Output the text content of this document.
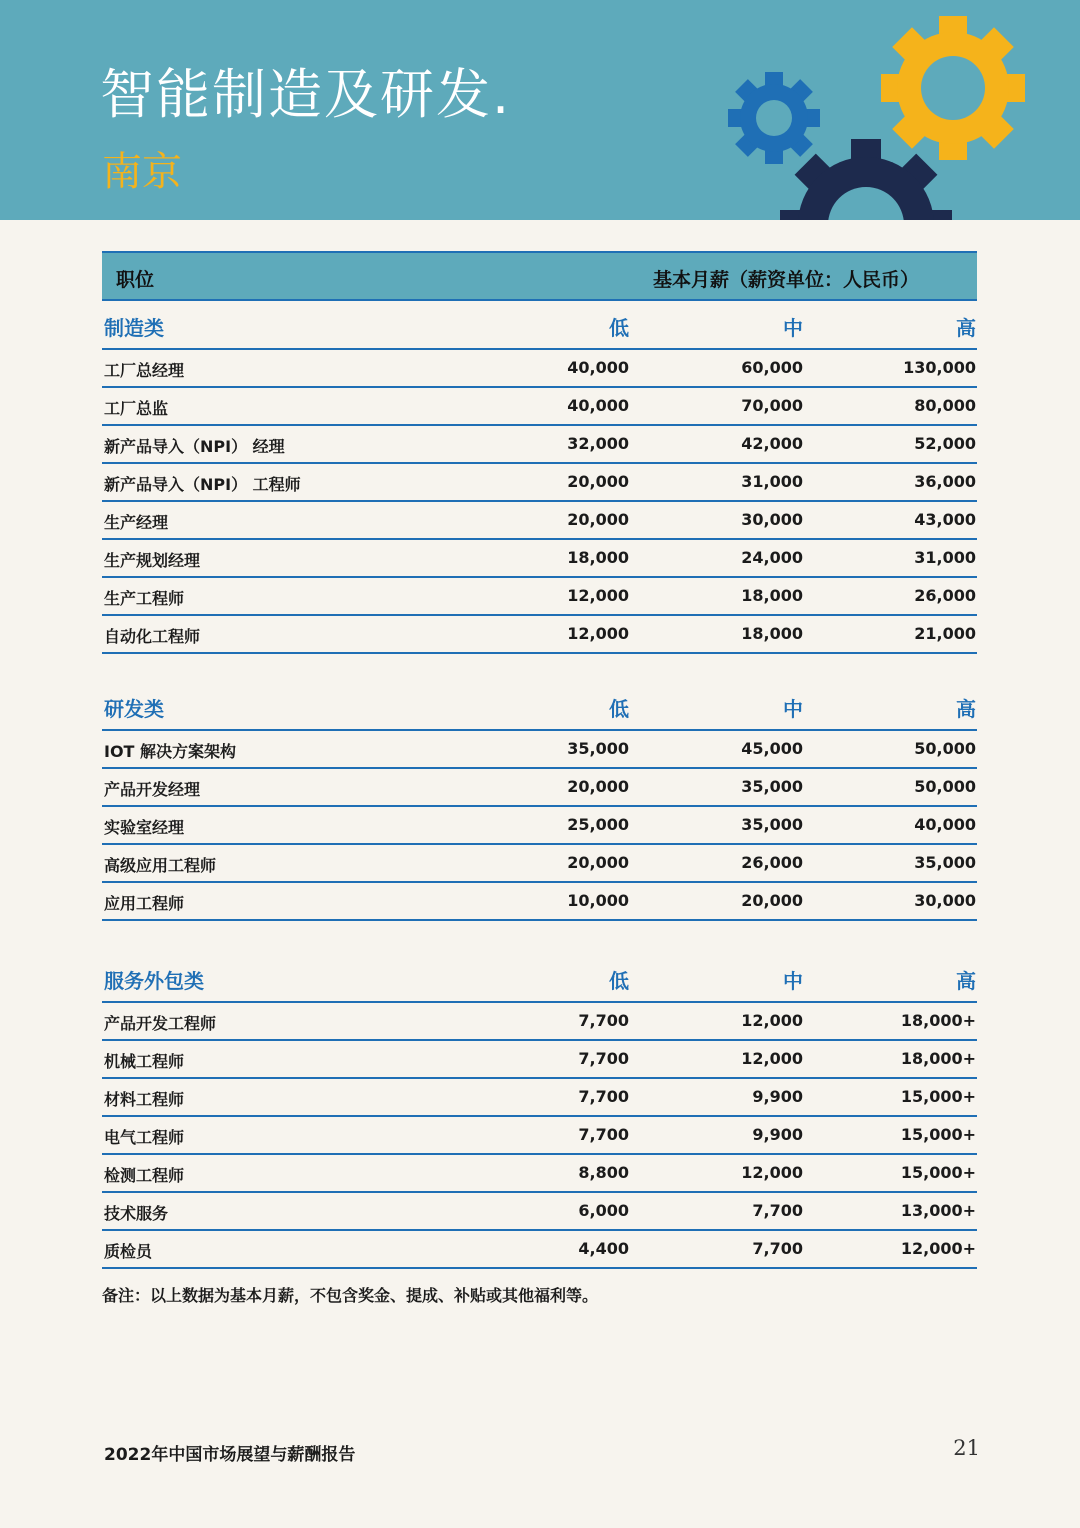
智能制造及研发.
南京
职位	基本月薪（薪资单位：人民币）
制造类	低	中	高
工厂总经理	40,000	60,000	130,000
工厂总监	40,000	70,000	80,000
新产品导入（NPI） 经理	32,000	42,000	52,000
新产品导入（NPI） 工程师	20,000	31,000	36,000
生产经理	20,000	30,000	43,000
生产规划经理	18,000	24,000	31,000
生产工程师	12,000	18,000	26,000
自动化工程师	12,000	18,000	21,000
研发类	低	中	高
IOT 解决方案架构	35,000	45,000	50,000
产品开发经理	20,000	35,000	50,000
实验室经理	25,000	35,000	40,000
高级应用工程师	20,000	26,000	35,000
应用工程师	10,000	20,000	30,000
服务外包类	低	中	高
产品开发工程师	7,700	12,000	18,000+
机械工程师	7,700	12,000	18,000+
材料工程师	7,700	9,900	15,000+
电气工程师	7,700	9,900	15,000+
检测工程师	8,800	12,000	15,000+
技术服务	6,000	7,700	13,000+
质检员	4,400	7,700	12,000+
备注：以上数据为基本月薪，不包含奖金、提成、补贴或其他福利等。
2022年中国市场展望与薪酬报告	21
